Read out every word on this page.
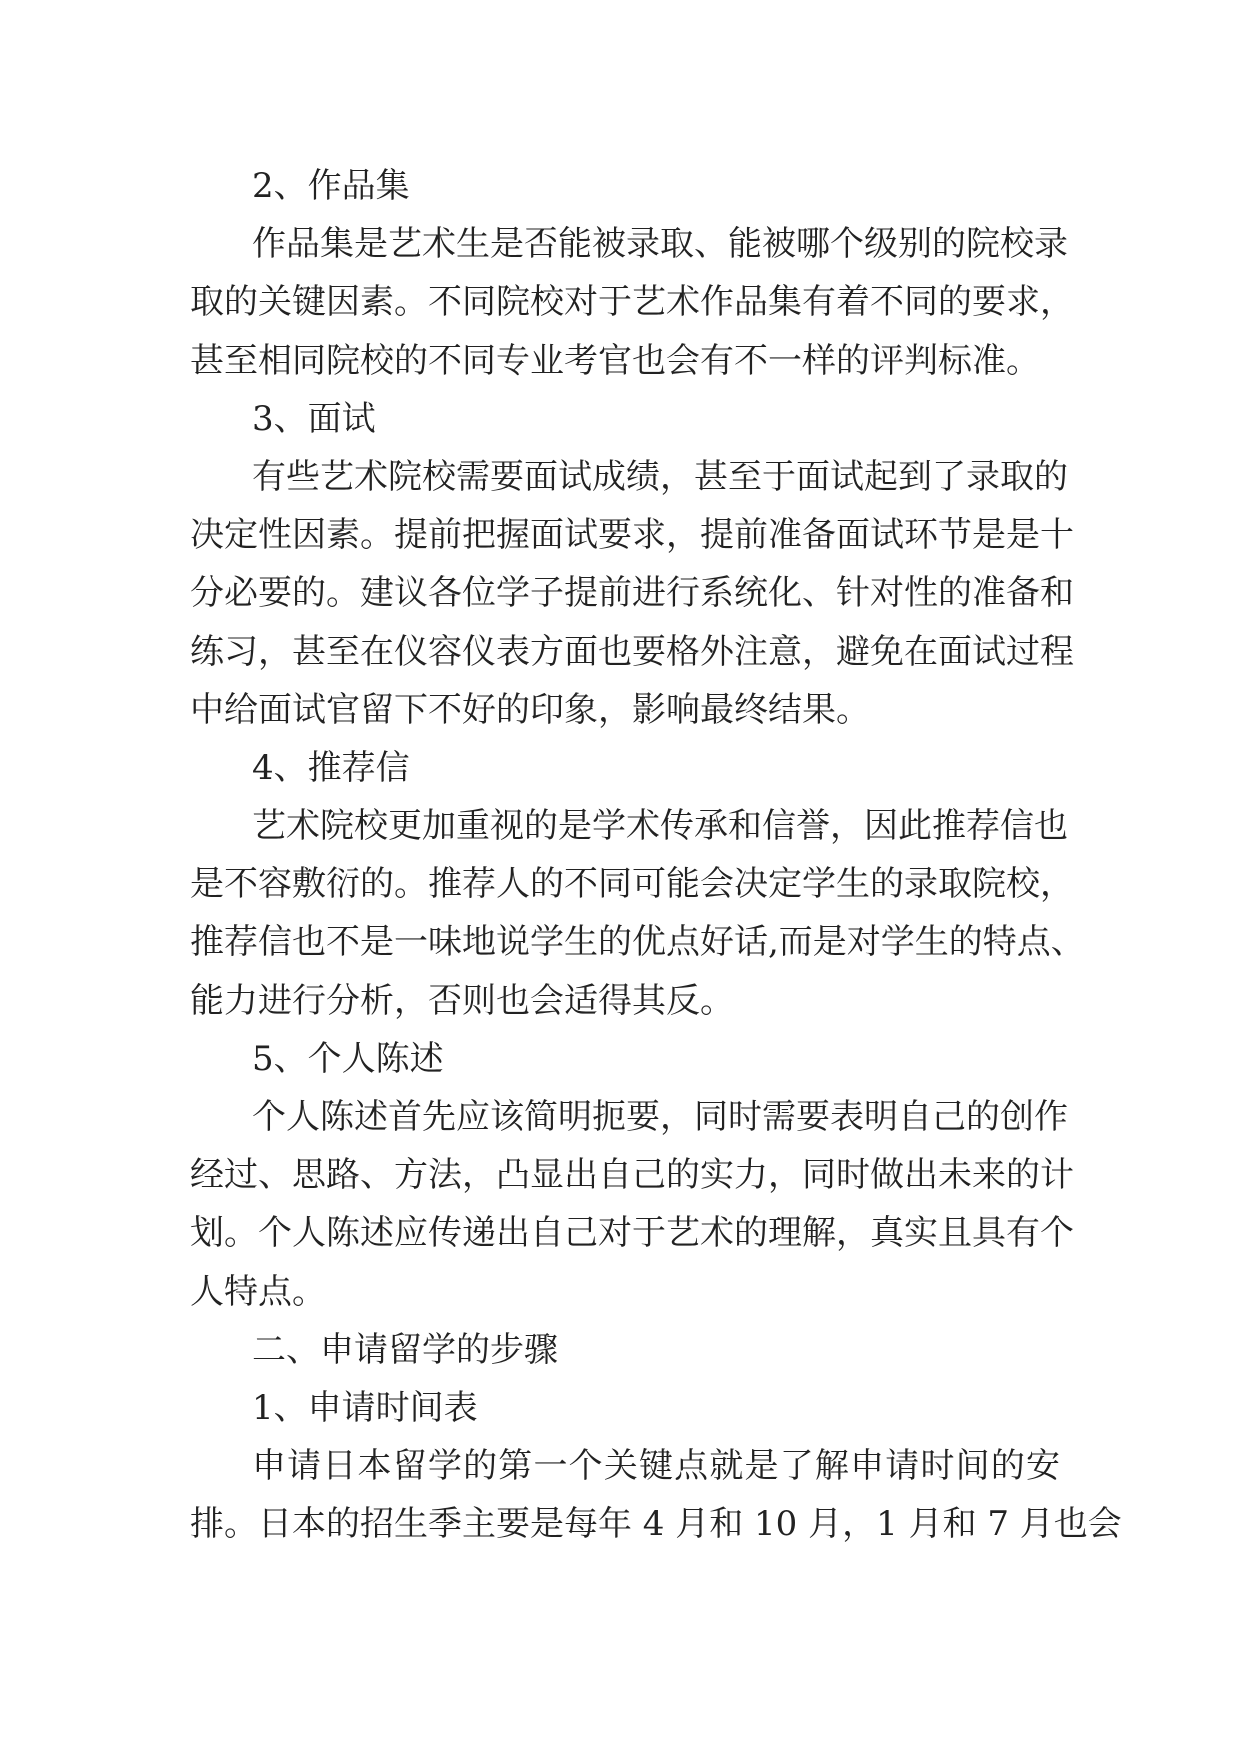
2、作品集
作品集是艺术生是否能被录取、能被哪个级别的院校录
取的关键因素。不同院校对于艺术作品集有着不同的要求，
甚至相同院校的不同专业考官也会有不一样的评判标准。
3、面试
有些艺术院校需要面试成绩，甚至于面试起到了录取的
决定性因素。提前把握面试要求，提前准备面试环节是是十
分必要的。建议各位学子提前进行系统化、针对性的准备和
练习，甚至在仪容仪表方面也要格外注意，避免在面试过程
中给面试官留下不好的印象，影响最终结果。
4、推荐信
艺术院校更加重视的是学术传承和信誉，因此推荐信也
是不容敷衍的。推荐人的不同可能会决定学生的录取院校，
推荐信也不是一味地说学生的优点好话,而是对学生的特点、
能力进行分析，否则也会适得其反。
5、个人陈述
个人陈述首先应该简明扼要，同时需要表明自己的创作
经过、思路、方法，凸显出自己的实力，同时做出未来的计
划。个人陈述应传递出自己对于艺术的理解，真实且具有个
人特点。
二、申请留学的步骤
1、申请时间表
申请日本留学的第一个关键点就是了解申请时间的安
排。日本的招生季主要是每年 4 月和 10 月，1 月和 7 月也会
